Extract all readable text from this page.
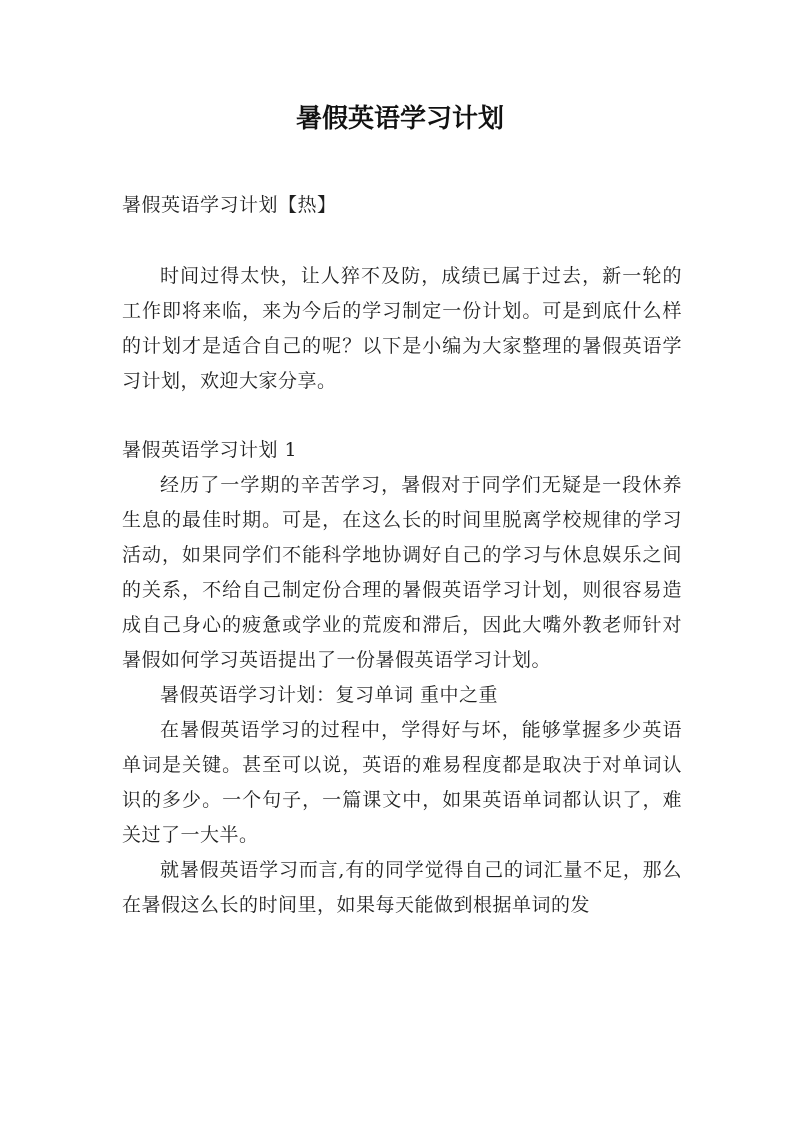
暑假英语学习计划

暑假英语学习计划【热】

时间过得太快，让人猝不及防，成绩已属于过去，新一轮的工作即将来临，来为今后的学习制定一份计划。可是到底什么样的计划才是适合自己的呢？以下是小编为大家整理的暑假英语学习计划，欢迎大家分享。

暑假英语学习计划 1

经历了一学期的辛苦学习，暑假对于同学们无疑是一段休养生息的最佳时期。可是，在这么长的时间里脱离学校规律的学习活动，如果同学们不能科学地协调好自己的学习与休息娱乐之间的关系，不给自己制定份合理的暑假英语学习计划，则很容易造成自己身心的疲惫或学业的荒废和滞后，因此大嘴外教老师针对暑假如何学习英语提出了一份暑假英语学习计划。

暑假英语学习计划：复习单词 重中之重

在暑假英语学习的过程中，学得好与坏，能够掌握多少英语单词是关键。甚至可以说，英语的难易程度都是取决于对单词认识的多少。一个句子，一篇课文中，如果英语单词都认识了，难关过了一大半。

就暑假英语学习而言,有的同学觉得自己的词汇量不足，那么在暑假这么长的时间里，如果每天能做到根据单词的发
